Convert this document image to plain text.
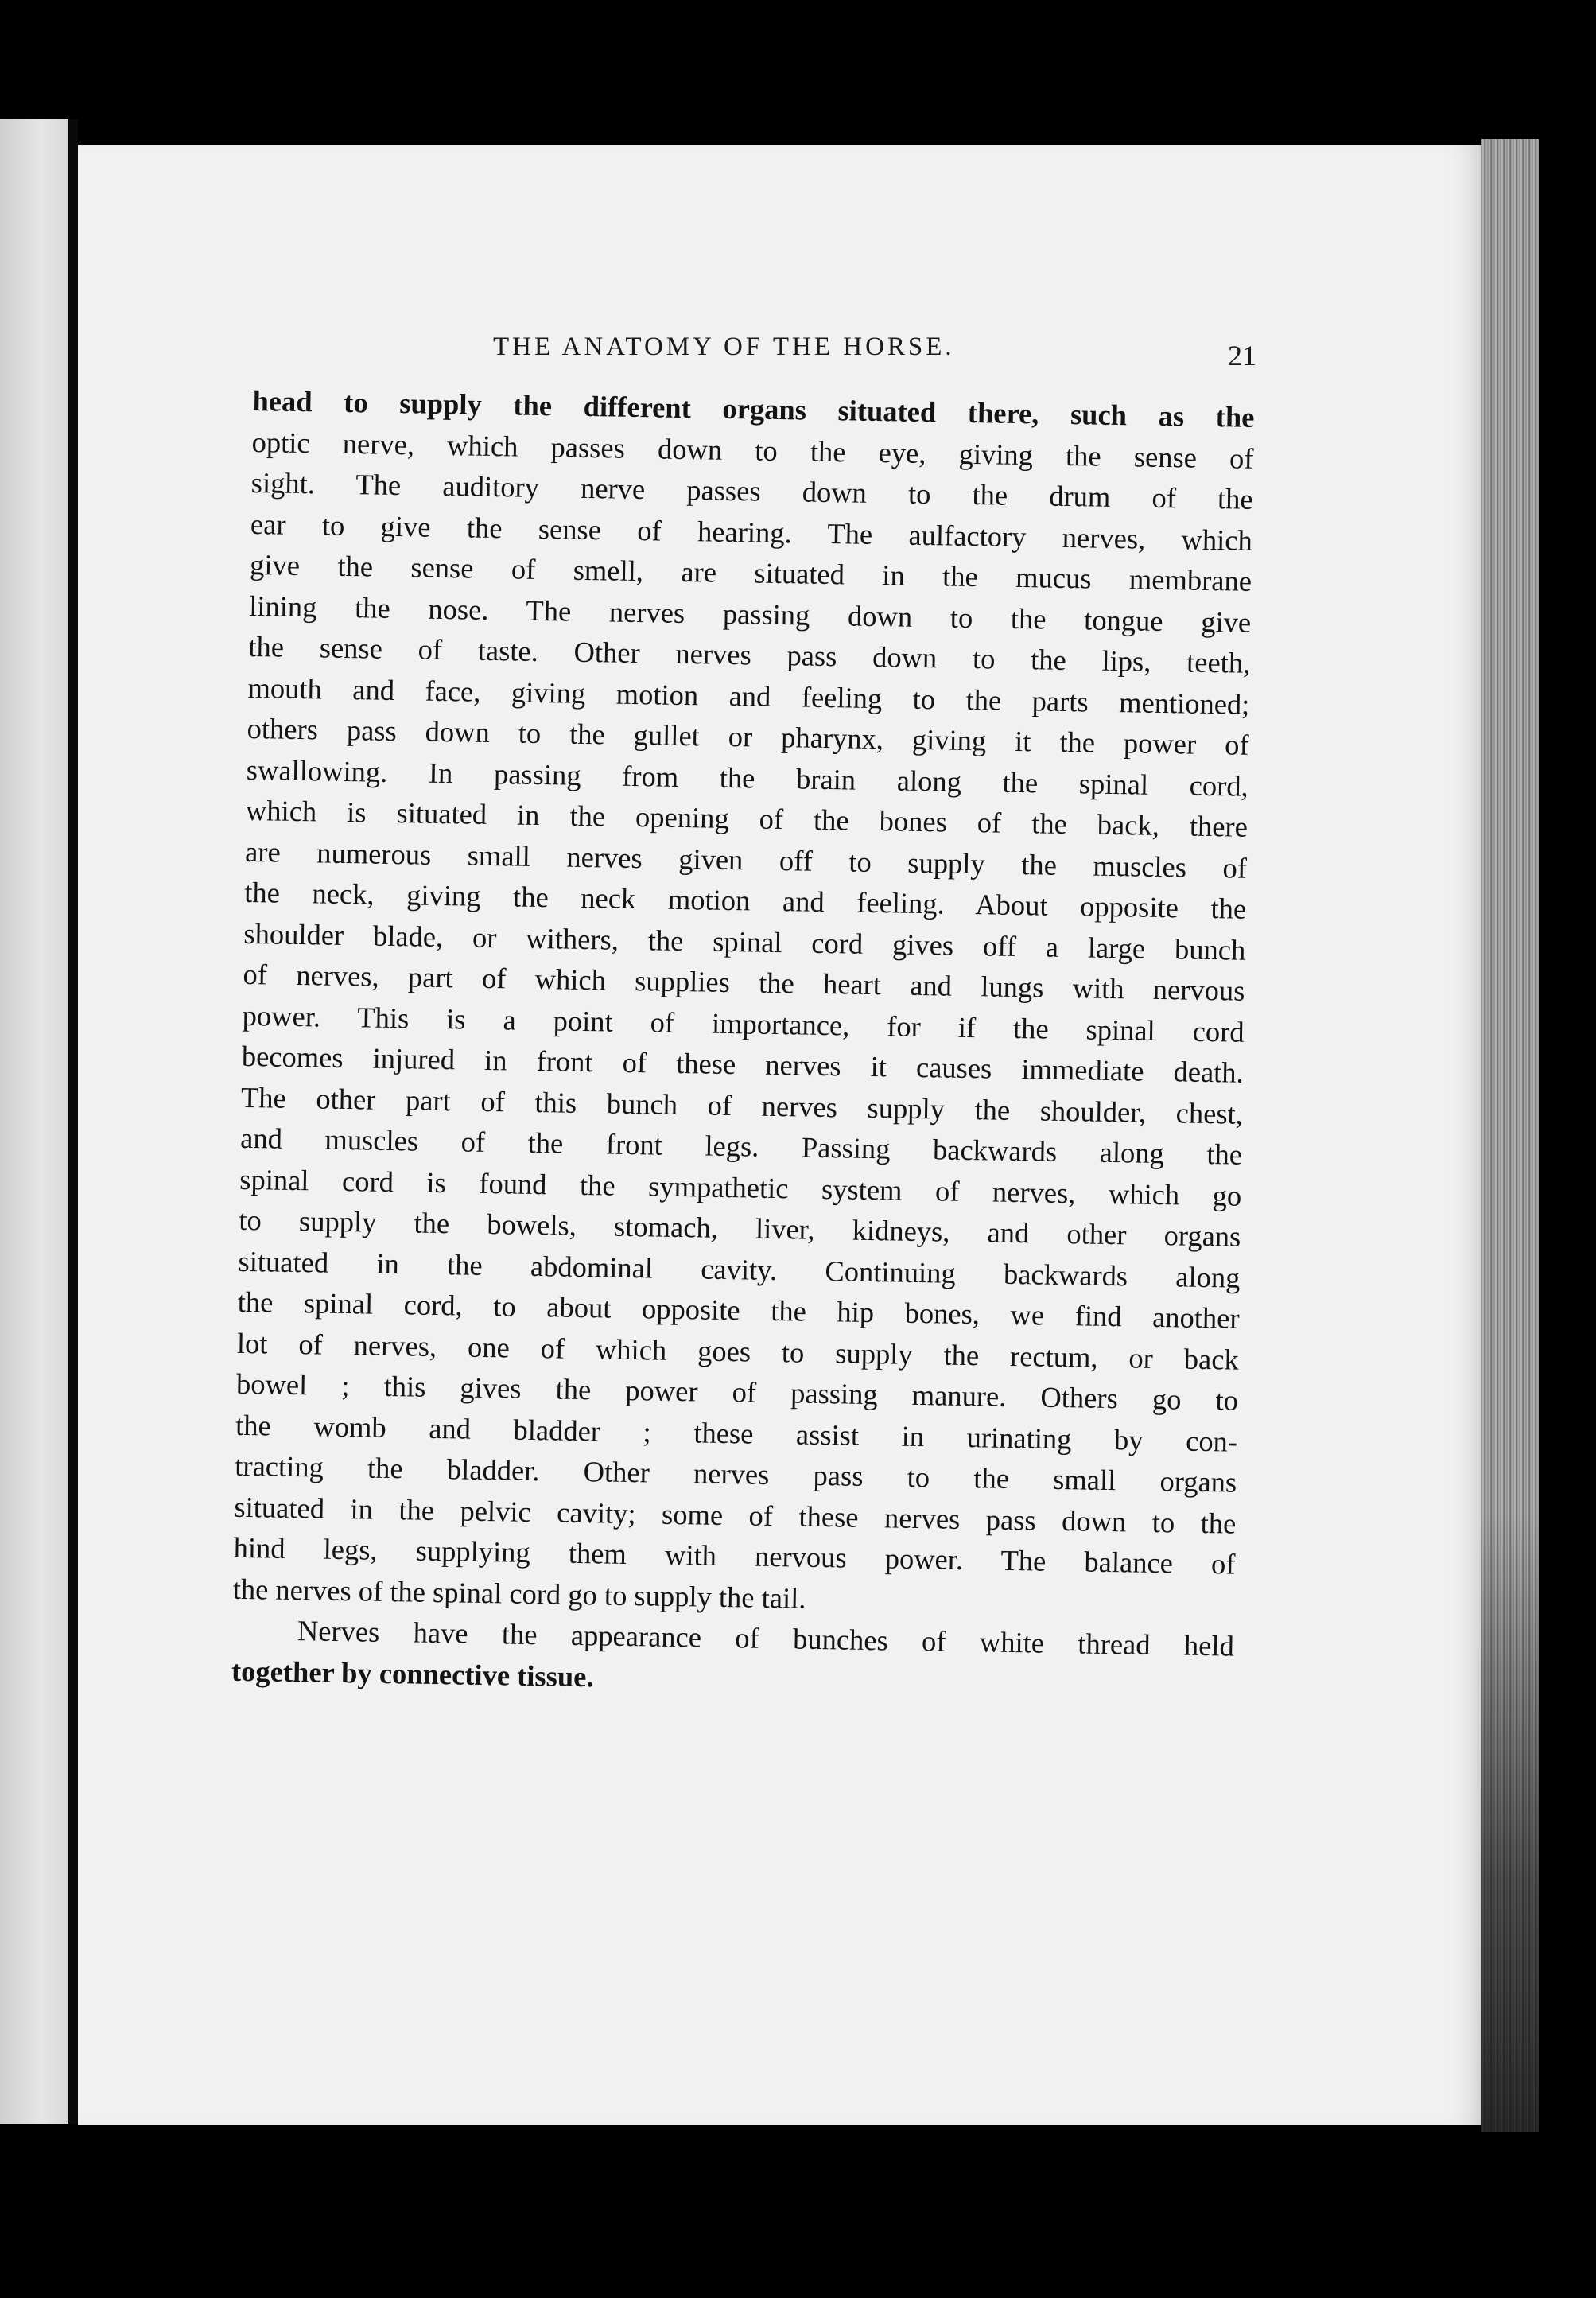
THE ANATOMY OF THE HORSE.	21
head to supply the different organs situated there, such as the
optic nerve, which passes down to the eye, giving the sense of
sight. The auditory nerve passes down to the drum of the
ear to give the sense of hearing. The aulfactory nerves, which
give the sense of smell, are situated in the mucus membrane
lining the nose. The nerves passing down to the tongue give
the sense of taste. Other nerves pass down to the lips, teeth,
mouth and face, giving motion and feeling to the parts mentioned;
others pass down to the gullet or pharynx, giving it the power of
swallowing. In passing from the brain along the spinal cord,
which is situated in the opening of the bones of the back, there
are numerous small nerves given off to supply the muscles of
the neck, giving the neck motion and feeling. About opposite the
shoulder blade, or withers, the spinal cord gives off a large bunch
of nerves, part of which supplies the heart and lungs with nervous
power. This is a point of importance, for if the spinal cord
becomes injured in front of these nerves it causes immediate death.
The other part of this bunch of nerves supply the shoulder, chest,
and muscles of the front legs. Passing backwards along the
spinal cord is found the sympathetic system of nerves, which go
to supply the bowels, stomach, liver, kidneys, and other organs
situated in the abdominal cavity. Continuing backwards along
the spinal cord, to about opposite the hip bones, we find another
lot of nerves, one of which goes to supply the rectum, or back
bowel ; this gives the power of passing manure. Others go to
the womb and bladder ; these assist in urinating by con-
tracting the bladder. Other nerves pass to the small organs
situated in the pelvic cavity; some of these nerves pass down to the
hind legs, supplying them with nervous power. The balance of
the nerves of the spinal cord go to supply the tail.
Nerves have the appearance of bunches of white thread held
together by connective tissue.
